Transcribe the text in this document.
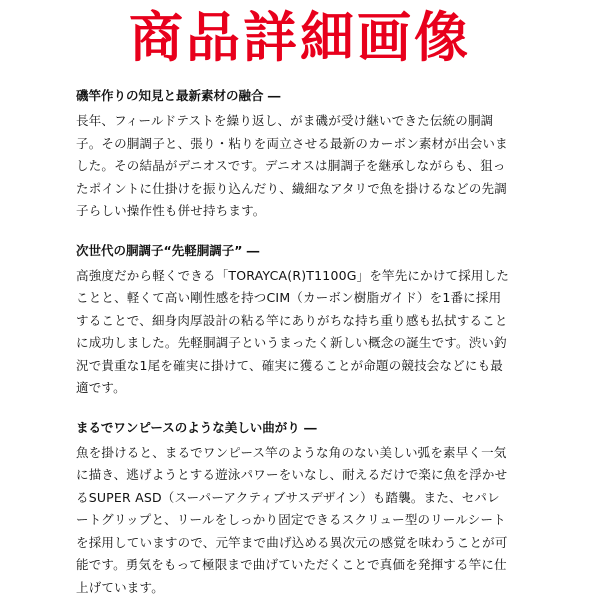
商品詳細画像
磯竿作りの知見と最新素材の融合 ―

長年、フィールドテストを繰り返し、がま磯が受け継いできた伝統の胴調
子。その胴調子と、張り・粘りを両立させる最新のカーボン素材が出会いま
した。その結晶がデニオスです。デニオスは胴調子を継承しながらも、狙っ
たポイントに仕掛けを振り込んだり、繊細なアタリで魚を掛けるなどの先調
子らしい操作性も併せ持ちます。

次世代の胴調子“先軽胴調子” ―

高強度だから軽くできる「TORAYCA(R)T1100G」を竿先にかけて採用した
ことと、軽くて高い剛性感を持つCIM（カーボン樹脂ガイド）を1番に採用
することで、細身肉厚設計の粘る竿にありがちな持ち重り感も払拭すること
に成功しました。先軽胴調子というまったく新しい概念の誕生です。渋い釣
況で貴重な1尾を確実に掛けて、確実に獲ることが命題の競技会などにも最
適です。

まるでワンピースのような美しい曲がり ―

魚を掛けると、まるでワンピース竿のような角のない美しい弧を素早く一気
に描き、逃げようとする遊泳パワーをいなし、耐えるだけで楽に魚を浮かせ
るSUPER ASD（スーパーアクティブサスデザイン）も踏襲。また、セパレ
ートグリップと、リールをしっかり固定できるスクリュー型のリールシート
を採用していますので、元竿まで曲げ込める異次元の感覚を味わうことが可
能です。勇気をもって極限まで曲げていただくことで真価を発揮する竿に仕
上げています。
